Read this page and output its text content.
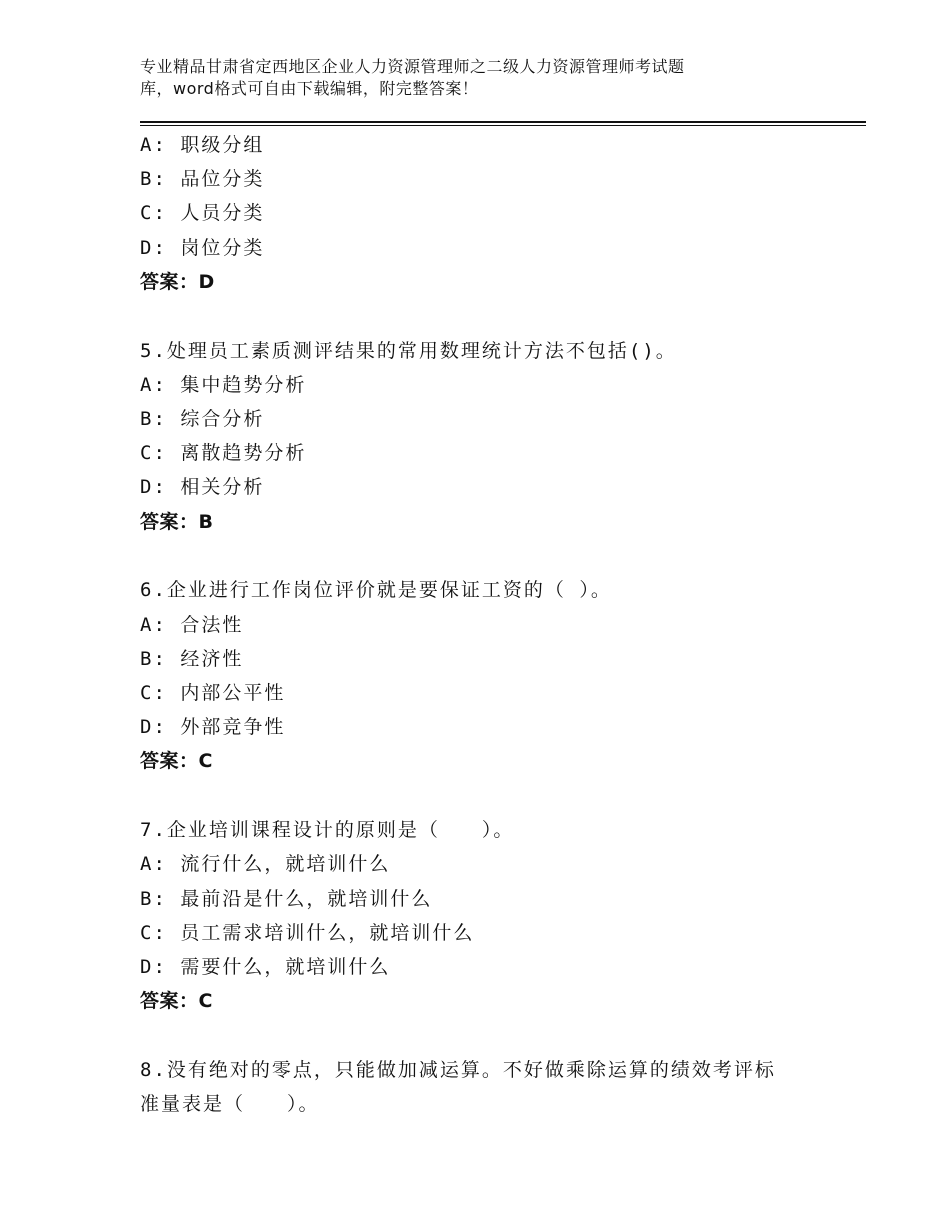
专业精品甘肃省定西地区企业人力资源管理师之二级人力资源管理师考试题
库，word格式可自由下载编辑，附完整答案！
A: 职级分组
B: 品位分类
C: 人员分类
D: 岗位分类
答案：D
5.处理员工素质测评结果的常用数理统计方法不包括()。
A: 集中趋势分析
B: 综合分析
C: 离散趋势分析
D: 相关分析
答案：B
6.企业进行工作岗位评价就是要保证工资的（ ）。
A: 合法性
B: 经济性
C: 内部公平性
D: 外部竞争性
答案：C
7.企业培训课程设计的原则是（　　）。
A: 流行什么，就培训什么
B: 最前沿是什么，就培训什么
C: 员工需求培训什么，就培训什么
D: 需要什么，就培训什么
答案：C
8.没有绝对的零点，只能做加减运算。不好做乘除运算的绩效考评标
准量表是（　　）。
